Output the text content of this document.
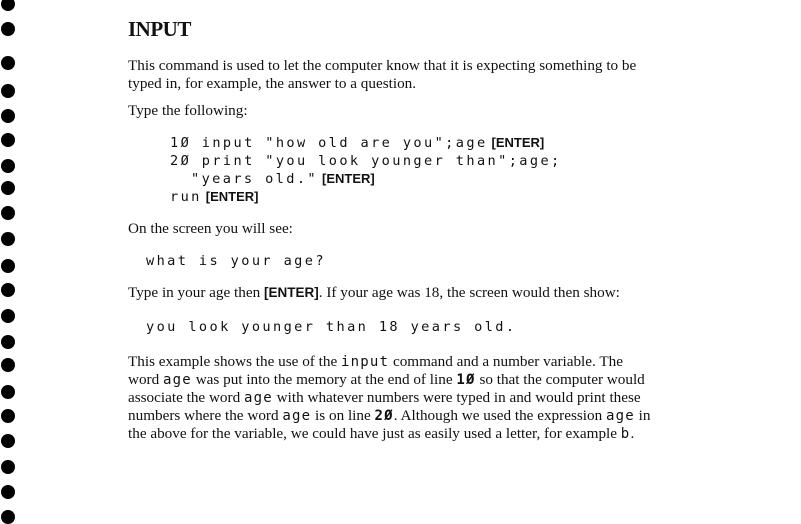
INPUT

This command is used to let the computer know that it is expecting something to be

typed in, for example, the answer to a question.

Type the following:

1Ø input "how old are you";age [ENTER]

2Ø print "you look younger than";age;

"years old." [ENTER]

run [ENTER]

On the screen you will see:

what is your age?

Type in your age then [ENTER]. If your age was 18, the screen would then show:

you look younger than 18 years old.

This example shows the use of the input command and a number variable. The

word age was put into the memory at the end of line 1Ø so that the computer would

associate the word age with whatever numbers were typed in and would print these

numbers where the word age is on line 2Ø. Although we used the expression age in

the above for the variable, we could have just as easily used a letter, for example b.
